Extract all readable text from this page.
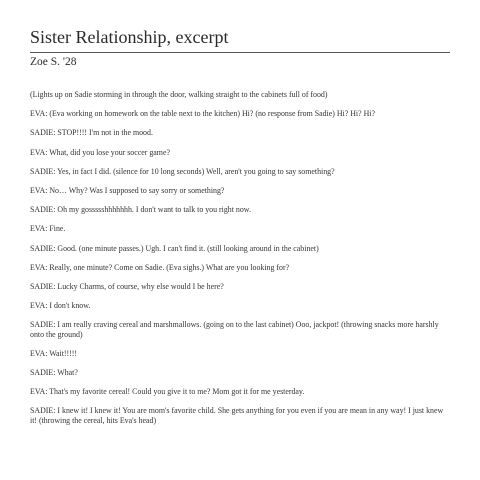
Sister Relationship, excerpt
Zoe S. '28

(Lights up on Sadie storming in through the door, walking straight to the cabinets full of food)

EVA: (Eva working on homework on the table next to the kitchen) Hi? (no response from Sadie) Hi? Hi? Hi?

SADIE: STOP!!!! I'm not in the mood.

EVA: What, did you lose your soccer game?

SADIE: Yes, in fact I did. (silence for 10 long seconds) Well, aren't you going to say something?

EVA: No… Why? Was I supposed to say sorry or something?

SADIE: Oh my gossssshhhhhhh. I don't want to talk to you right now.

EVA: Fine.

SADIE: Good. (one minute passes.) Ugh. I can't find it. (still looking around in the cabinet)

EVA: Really, one minute? Come on Sadie. (Eva sighs.) What are you looking for?

SADIE: Lucky Charms, of course, why else would I be here?

EVA: I don't know.

SADIE: I am really craving cereal and marshmallows. (going on to the last cabinet) Ooo, jackpot! (throwing snacks more harshly onto the ground)

EVA: Wait!!!!!

SADIE: What?

EVA: That's my favorite cereal! Could you give it to me? Mom got it for me yesterday.

SADIE: I knew it! I knew it! You are mom's favorite child. She gets anything for you even if you are mean in any way! I just knew it! (throwing the cereal, hits Eva's head)
